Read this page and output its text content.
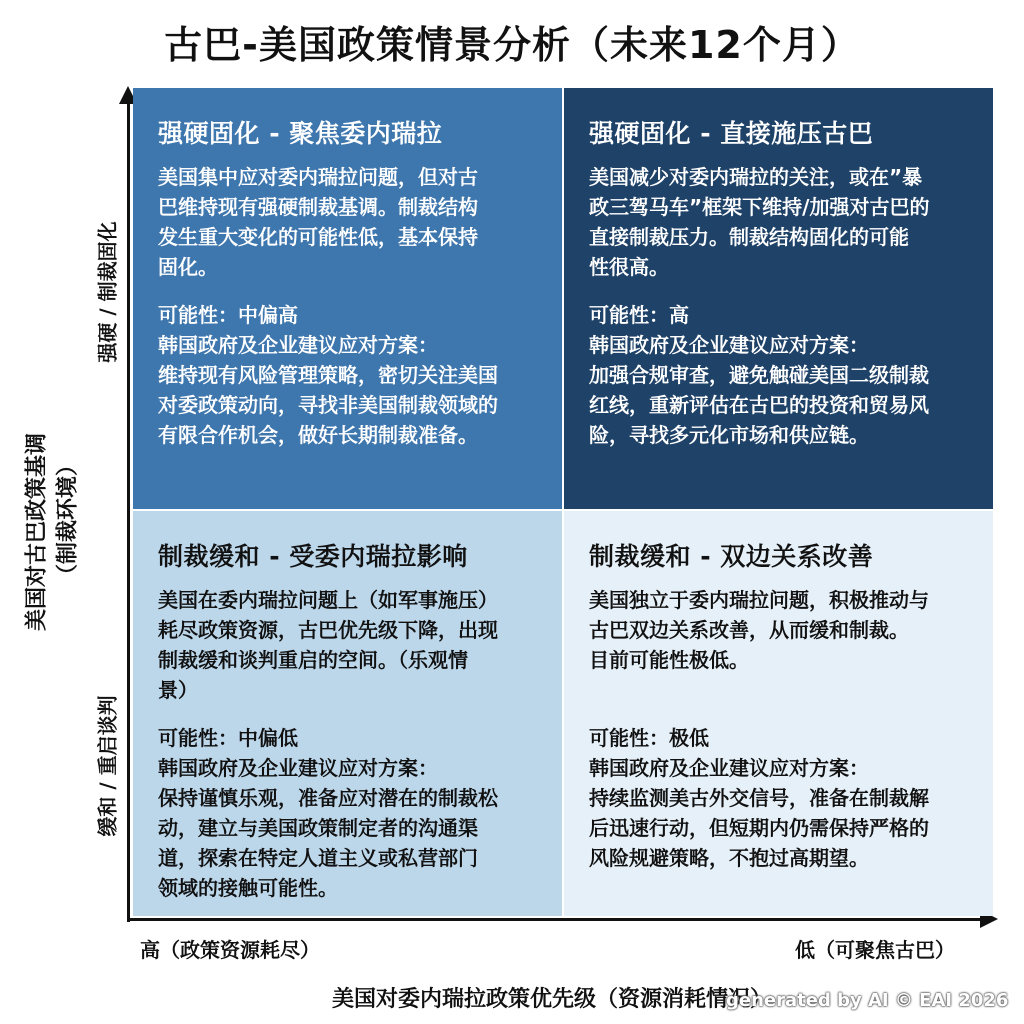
古巴-美国政策情景分析（未来12个月）
美国对古巴政策基调 （制裁环境）
强硬 / 制裁固化
缓和 / 重启谈判
强硬固化 - 聚焦委内瑞拉
美国集中应对委内瑞拉问题，但对古
巴维持现有强硬制裁基调。制裁结构
发生重大变化的可能性低，基本保持
固化。
可能性：中偏高
韩国政府及企业建议应对方案：
维持现有风险管理策略，密切关注美国
对委政策动向，寻找非美国制裁领域的
有限合作机会，做好长期制裁准备。
强硬固化 - 直接施压古巴
美国减少对委内瑞拉的关注，或在”暴
政三驾马车”框架下维持/加强对古巴的
直接制裁压力。制裁结构固化的可能
性很高。
可能性：高
韩国政府及企业建议应对方案：
加强合规审查，避免触碰美国二级制裁
红线，重新评估在古巴的投资和贸易风
险，寻找多元化市场和供应链。
制裁缓和 - 受委内瑞拉影响
美国在委内瑞拉问题上（如军事施压）
耗尽政策资源，古巴优先级下降，出现
制裁缓和谈判重启的空间。（乐观情
景）
可能性：中偏低
韩国政府及企业建议应对方案：
保持谨慎乐观，准备应对潜在的制裁松
动，建立与美国政策制定者的沟通渠
道，探索在特定人道主义或私营部门
领域的接触可能性。
制裁缓和 - 双边关系改善
美国独立于委内瑞拉问题，积极推动与
古巴双边关系改善，从而缓和制裁。
目前可能性极低。
可能性：极低
韩国政府及企业建议应对方案：
持续监测美古外交信号，准备在制裁解
后迅速行动，但短期内仍需保持严格的
风险规避策略，不抱过高期望。
高（政策资源耗尽）	低（可聚焦古巴）
美国对委内瑞拉政策优先级（资源消耗情况）
generated by AI © EAI 2026
